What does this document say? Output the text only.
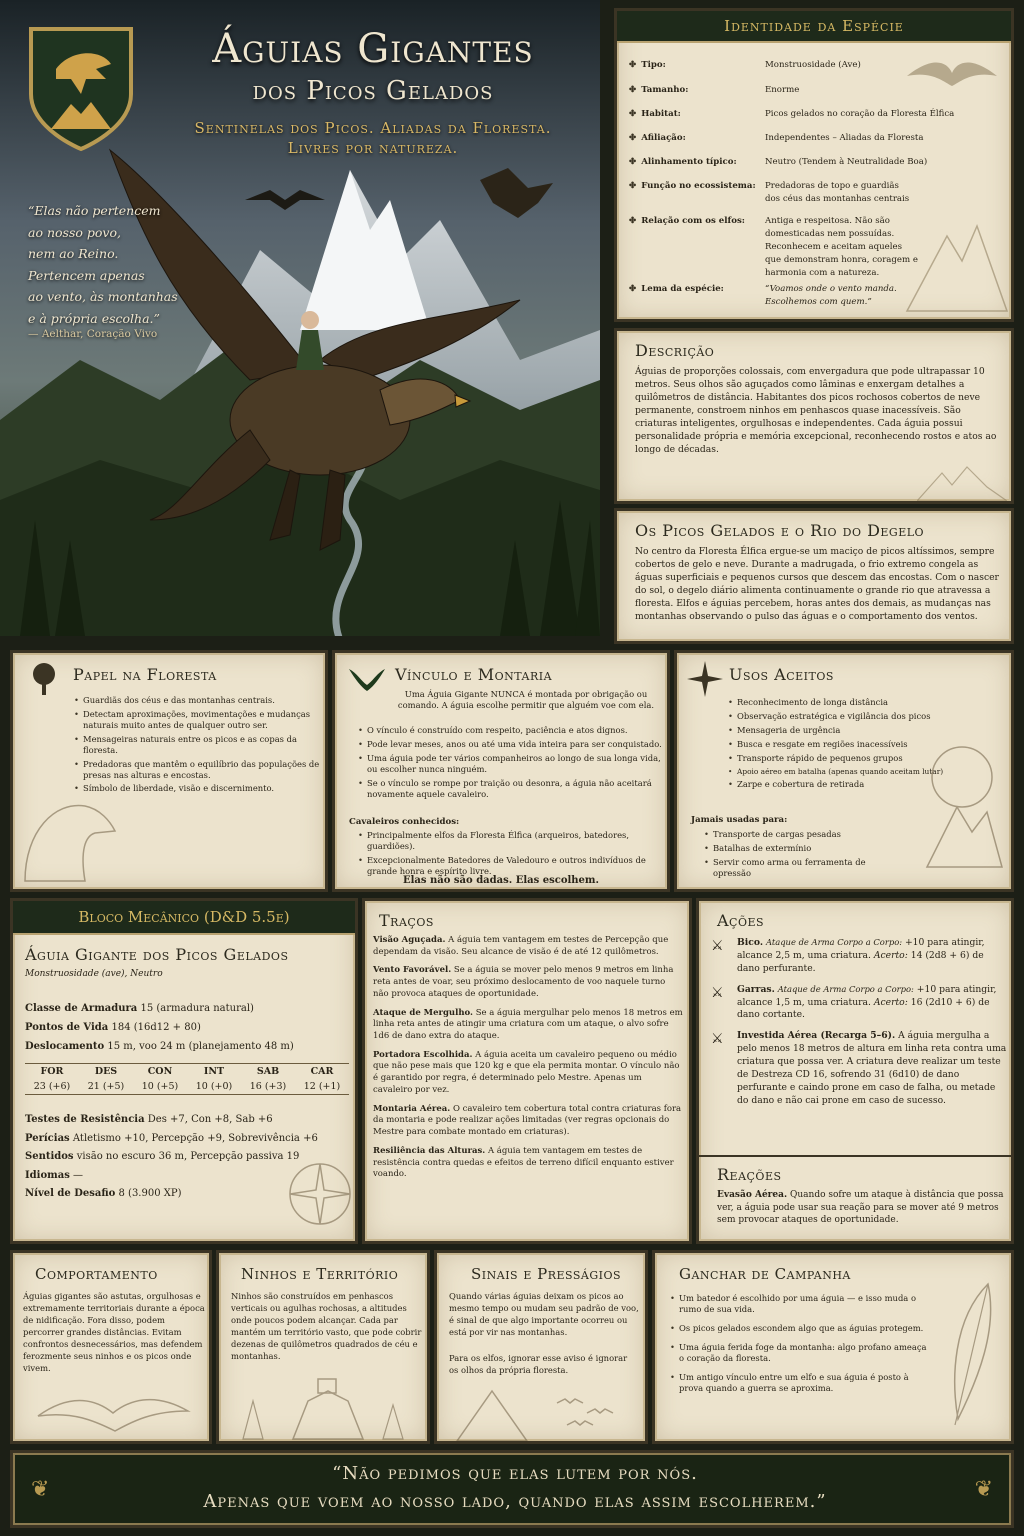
Águias Gigantes
dos Picos Gelados
Sentinelas dos Picos. Aliadas da Floresta.
Livres por natureza.
“Elas não pertencem
ao nosso povo,
nem ao Reino.
Pertencem apenas
ao vento, às montanhas
e à própria escolha.”
— Aelthar, Coração Vivo
Identidade da Espécie
✤ Tipo:	Monstruosidade (Ave)
✤ Tamanho:	Enorme
✤ Habitat:	Picos gelados no coração da Floresta Élfica
✤ Afiliação:	Independentes – Aliadas da Floresta
✤ Alinhamento típico:	Neutro (Tendem à Neutralidade Boa)
✤ Função no ecossistema:	Predadoras de topo e guardiãs dos céus das montanhas centrais
✤ Relação com os elfos:	Antiga e respeitosa. Não são domesticadas nem possuídas. Reconhecem e aceitam aqueles que demonstram honra, coragem e harmonia com a natureza.
✤ Lema da espécie:	“Voamos onde o vento manda. Escolhemos com quem.”
Descrição
Águias de proporções colossais, com envergadura que pode ultrapassar 10 metros. Seus olhos são aguçados como lâminas e enxergam detalhes a quilômetros de distância. Habitantes dos picos rochosos cobertos de neve permanente, constroem ninhos em penhascos quase inacessíveis. São criaturas inteligentes, orgulhosas e independentes. Cada águia possui personalidade própria e memória excepcional, reconhecendo rostos e atos ao longo de décadas.
Os Picos Gelados e o Rio do Degelo
No centro da Floresta Élfica ergue-se um maciço de picos altíssimos, sempre cobertos de gelo e neve. Durante a madrugada, o frio extremo congela as águas superficiais e pequenos cursos que descem das encostas. Com o nascer do sol, o degelo diário alimenta continuamente o grande rio que atravessa a floresta. Elfos e águias percebem, horas antes dos demais, as mudanças nas montanhas observando o pulso das águas e o comportamento dos ventos.
Papel na Floresta
• Guardiãs dos céus e das montanhas centrais.
• Detectam aproximações, movimentações e mudanças naturais muito antes de qualquer outro ser.
• Mensageiras naturais entre os picos e as copas da floresta.
• Predadoras que mantêm o equilíbrio das populações de presas nas alturas e encostas.
• Símbolo de liberdade, visão e discernimento.
Vínculo e Montaria
Uma Águia Gigante NUNCA é montada por obrigação ou comando. A águia escolhe permitir que alguém voe com ela.
• O vínculo é construído com respeito, paciência e atos dignos.
• Pode levar meses, anos ou até uma vida inteira para ser conquistado.
• Uma águia pode ter vários companheiros ao longo de sua longa vida, ou escolher nunca ninguém.
• Se o vínculo se rompe por traição ou desonra, a águia não aceitará novamente aquele cavaleiro.
Cavaleiros conhecidos:
• Principalmente elfos da Floresta Élfica (arqueiros, batedores, guardiões).
• Excepcionalmente Batedores de Valedouro e outros indivíduos de grande honra e espírito livre.
Elas não são dadas. Elas escolhem.
Usos Aceitos
• Reconhecimento de longa distância
• Observação estratégica e vigilância dos picos
• Mensageria de urgência
• Busca e resgate em regiões inacessíveis
• Transporte rápido de pequenos grupos
• Apoio aéreo em batalha (apenas quando aceitam lutar)
• Zarpe e cobertura de retirada
Jamais usadas para:
• Transporte de cargas pesadas
• Batalhas de extermínio
• Servir como arma ou ferramenta de opressão
Bloco Mecânico (D&D 5.5e)
Águia Gigante dos Picos Gelados
Monstruosidade (ave), Neutro
Classe de Armadura 15 (armadura natural)
Pontos de Vida 184 (16d12 + 80)
Deslocamento 15 m, voo 24 m (planejamento 48 m)
FOR	DES	CON	INT	SAB	CAR
23 (+6)	21 (+5)	10 (+5)	10 (+0)	16 (+3)	12 (+1)
Testes de Resistência Des +7, Con +8, Sab +6
Perícias Atletismo +10, Percepção +9, Sobrevivência +6
Sentidos visão no escuro 36 m, Percepção passiva 19
Idiomas —
Nível de Desafio 8 (3.900 XP)
Traços

Visão Aguçada. A águia tem vantagem em testes de Percepção que dependam da visão. Seu alcance de visão é de até 12 quilômetros.

Vento Favorável. Se a águia se mover pelo menos 9 metros em linha reta antes de voar, seu próximo deslocamento de voo naquele turno não provoca ataques de oportunidade.

Ataque de Mergulho. Se a águia mergulhar pelo menos 18 metros em linha reta antes de atingir uma criatura com um ataque, o alvo sofre 1d6 de dano extra do ataque.

Portadora Escolhida. A águia aceita um cavaleiro pequeno ou médio que não pese mais que 120 kg e que ela permita montar. O vínculo não é garantido por regra, é determinado pelo Mestre. Apenas um cavaleiro por vez.

Montaria Aérea. O cavaleiro tem cobertura total contra criaturas fora da montaria e pode realizar ações limitadas (ver regras opcionais do Mestre para combate montado em criaturas).

Resiliência das Alturas. A águia tem vantagem em testes de resistência contra quedas e efeitos de terreno difícil enquanto estiver voando.

Ações
⚔ Bico. Ataque de Arma Corpo a Corpo: +10 para atingir, alcance 2,5 m, uma criatura. Acerto: 14 (2d8 + 6) de dano perfurante.
⚔ Garras. Ataque de Arma Corpo a Corpo: +10 para atingir, alcance 1,5 m, uma criatura. Acerto: 16 (2d10 + 6) de dano cortante.
⚔ Investida Aérea (Recarga 5–6). A águia mergulha a pelo menos 18 metros de altura em linha reta contra uma criatura que possa ver. A criatura deve realizar um teste de Destreza CD 16, sofrendo 31 (6d10) de dano perfurante e caindo prone em caso de falha, ou metade do dano e não cai prone em caso de sucesso.
Reações
Evasão Aérea. Quando sofre um ataque à distância que possa ver, a águia pode usar sua reação para se mover até 9 metros sem provocar ataques de oportunidade.
Comportamento
Águias gigantes são astutas, orgulhosas e extremamente territoriais durante a época de nidificação. Fora disso, podem percorrer grandes distâncias. Evitam confrontos desnecessários, mas defendem ferozmente seus ninhos e os picos onde vivem.
Ninhos e Território
Ninhos são construídos em penhascos verticais ou agulhas rochosas, a altitudes onde poucos podem alcançar. Cada par mantém um território vasto, que pode cobrir dezenas de quilômetros quadrados de céu e montanhas.
Sinais e Presságios
Quando várias águias deixam os picos ao mesmo tempo ou mudam seu padrão de voo, é sinal de que algo importante ocorreu ou está por vir nas montanhas.
Para os elfos, ignorar esse aviso é ignorar os olhos da própria floresta.
Ganchar de Campanha
• Um batedor é escolhido por uma águia — e isso muda o rumo de sua vida.
• Os picos gelados escondem algo que as águias protegem.
• Uma águia ferida foge da montanha: algo profano ameaça o coração da floresta.
• Um antigo vínculo entre um elfo e sua águia é posto à prova quando a guerra se aproxima.
❦
“Não pedimos que elas lutem por nós.
Apenas que voem ao nosso lado, quando elas assim escolherem.”	❦
